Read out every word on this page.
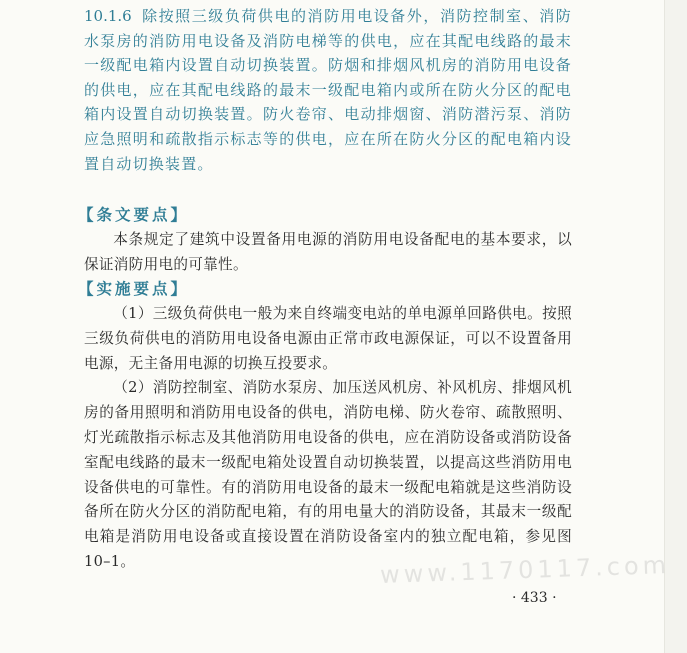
10.1.6 除按照三级负荷供电的消防用电设备外，消防控制室、消防水泵房的消防用电设备及消防电梯等的供电，应在其配电线路的最末一级配电箱内设置自动切换装置。防烟和排烟风机房的消防用电设备的供电，应在其配电线路的最末一级配电箱内或所在防火分区的配电箱内设置自动切换装置。防火卷帘、电动排烟窗、消防潜污泵、消防应急照明和疏散指示标志等的供电，应在所在防火分区的配电箱内设置自动切换装置。
【条文要点】

本条规定了建筑中设置备用电源的消防用电设备配电的基本要求，以保证消防用电的可靠性。

【实施要点】

（1）三级负荷供电一般为来自终端变电站的单电源单回路供电。按照三级负荷供电的消防用电设备电源由正常市政电源保证，可以不设置备用电源，无主备用电源的切换互投要求。

（2）消防控制室、消防水泵房、加压送风机房、补风机房、排烟风机房的备用照明和消防用电设备的供电，消防电梯、防火卷帘、疏散照明、灯光疏散指示标志及其他消防用电设备的供电，应在消防设备或消防设备室配电线路的最末一级配电箱处设置自动切换装置，以提高这些消防用电设备供电的可靠性。有的消防用电设备的最末一级配电箱就是这些消防设备所在防火分区的消防配电箱，有的用电量大的消防设备，其最末一级配电箱是消防用电设备或直接设置在消防设备室内的独立配电箱，参见图 10–1。	www.1170117.com
· 433 ·
